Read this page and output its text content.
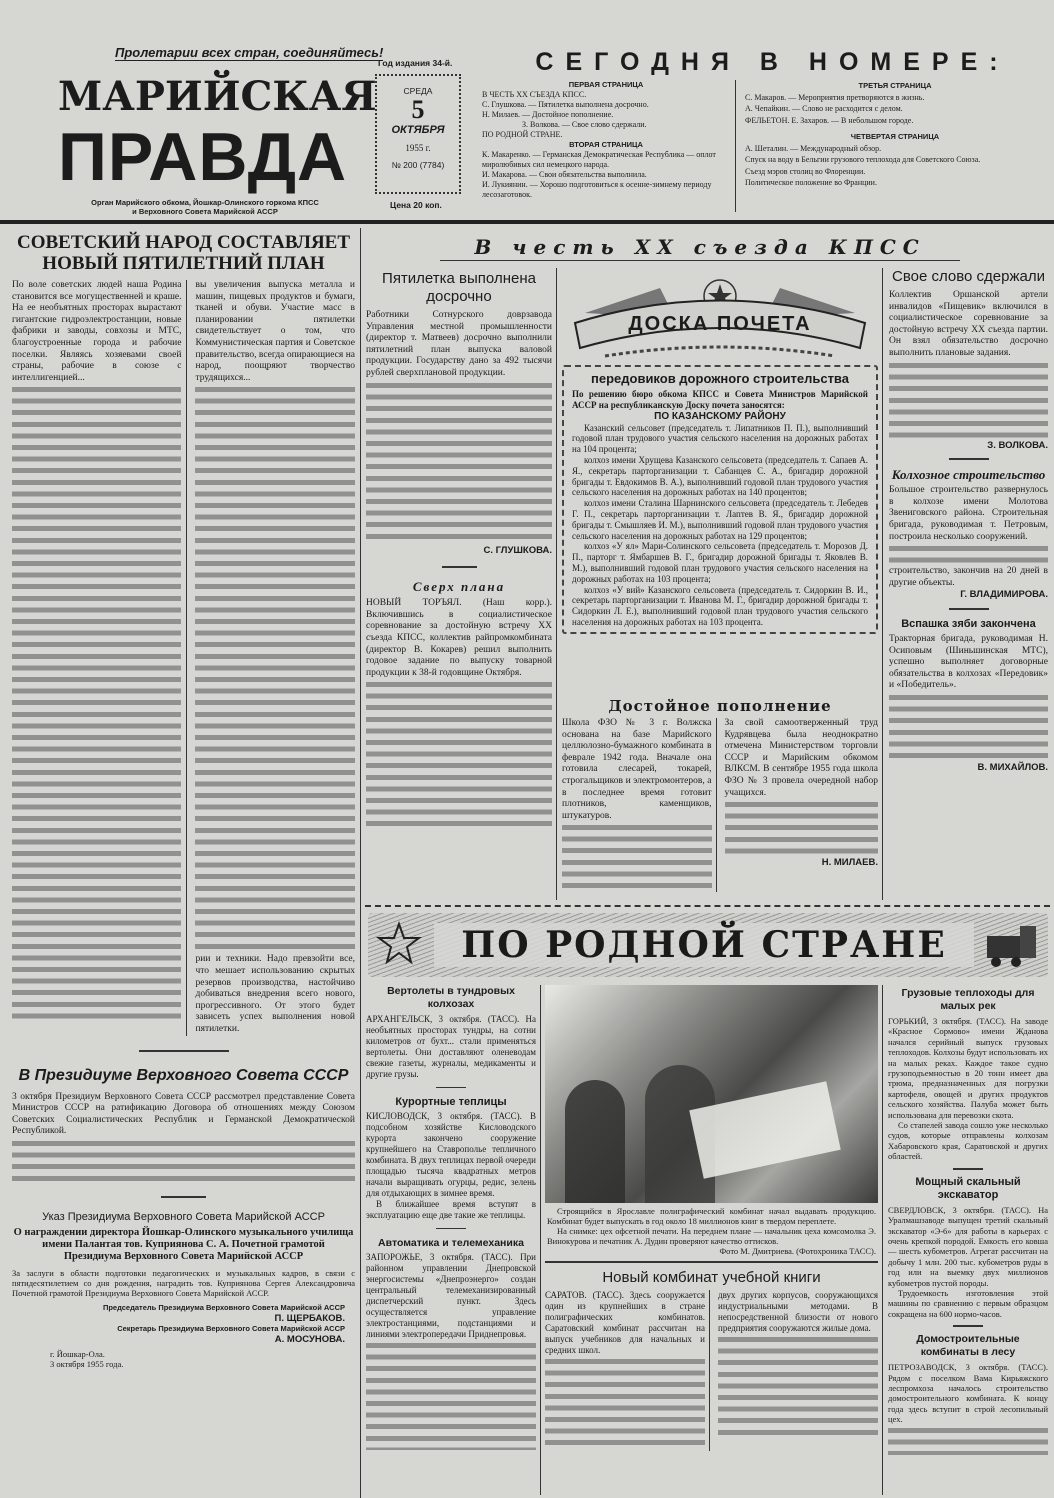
Пролетарии всех стран, соединяйтесь!
МАРИЙСКАЯ
ПРАВДА
Орган Марийского обкома, Йошкар-Олинского горкома КПСС
и Верховного Совета Марийской АССР
Год издания 34-й.
СРЕДА
5
ОКТЯБРЯ
1955 г.
№ 200 (7784)
Цена 20 коп.
СЕГОДНЯ В НОМЕРЕ:
ПЕРВАЯ СТРАНИЦА
В ЧЕСТЬ XX СЪЕЗДА КПСС.
С. Глушкова. — Пятилетка выполнена досрочно.
Н. Милаев. — Достойное пополнение.
З. Волкова. — Свое слово сдержали.
ПО РОДНОЙ СТРАНЕ.
ВТОРАЯ СТРАНИЦА
К. Макаренко. — Германская Демократическая Республика — оплот миролюбивых сил немецкого народа.
И. Макарова. — Свои обязательства выполнила.
И. Лукиянин. — Хорошо подготовиться к осенне-зимнему периоду лесозаготовок.
ТРЕТЬЯ СТРАНИЦА
С. Макаров. — Мероприятия претворяются в жизнь.
А. Чепайкин. — Слово не расходится с делом.
ФЕЛЬЕТОН. Е. Захаров. — В небольшом городе.
ЧЕТВЕРТАЯ СТРАНИЦА
А. Шеталин. — Международный обзор.
Спуск на воду в Бельгии грузового теплохода для Советского Союза.
Съезд мэров столиц во Флоренции.
Политическое положение во Франции.
СОВЕТСКИЙ НАРОД СОСТАВЛЯЕТ НОВЫЙ ПЯТИЛЕТНИЙ ПЛАН
По воле советских людей наша Родина становится все могущественней и краше. На ее необъятных просторах вырастают гигантские гидроэлектростанции, новые фабрики и заводы, совхозы и МТС, благоустроенные города и рабочие поселки. Являясь хозяевами своей страны, рабочие в союзе с интеллигенцией...
вы увеличения выпуска металла и машин, пищевых продуктов и бумаги, тканей и обуви. Участие масс в планировании пятилетки свидетельствует о том, что Коммунистическая партия и Советское правительство, всегда опирающиеся на народ, поощряют творчество трудящихся...
рии и техники. Надо превзойти все, что мешает использованию скрытых резервов производства, настойчиво добиваться внедрения всего нового, прогрессивного. От этого будет зависеть успех выполнения новой пятилетки.
В Президиуме Верховного Совета СССР
3 октября Президиум Верховного Совета СССР рассмотрел представление Совета Министров СССР на ратификацию Договора об отношениях между Союзом Советских Социалистических Республик и Германской Демократической Республикой.
Указ Президиума Верховного Совета Марийской АССР
О награждении директора Йошкар-Олинского музыкального училища имени Палантая тов. Куприянова С. А. Почетной грамотой Президиума Верховного Совета Марийской АССР
За заслуги в области подготовки педагогических и музыкальных кадров, в связи с пятидесятилетием со дня рождения, наградить тов. Куприянова Сергея Александровича Почетной грамотой Президиума Верховного Совета Марийской АССР.
Председатель Президиума Верховного Совета Марийской АССР
П. ЩЕРБАКОВ.
Секретарь Президиума Верховного Совета Марийской АССР
А. МОСУНОВА.
г. Йошкар-Ола.
3 октября 1955 года.
В честь XX съезда КПСС
Пятилетка выполнена досрочно
Работники Сотнурского доврзавода Управления местной промышленности (директор т. Матвеев) досрочно выполнили пятилетний план выпуска валовой продукции. Государству дано за 492 тысячи рублей сверхплановой продукции.
С. ГЛУШКОВА.
Сверх плана
НОВЫЙ ТОРЪЯЛ. (Наш корр.). Включившись в социалистическое соревнование за достойную встречу XX съезда КПСС, коллектив райпромкомбината (директор В. Кокарев) решил выполнить годовое задание по выпуску товарной продукции к 38-й годовщине Октября.
ДОСКА ПОЧЕТА
передовиков дорожного строительства
По решению бюро обкома КПСС и Совета Министров Марийской АССР на республиканскую Доску почета заносятся:
ПО КАЗАНСКОМУ РАЙОНУ
Казанский сельсовет (председатель т. Липатников П. П.), выполнивший годовой план трудового участия сельского населения на дорожных работах на 104 процента;
колхоз имени Хрущева Казанского сельсовета (председатель т. Сапаев А. Я., секретарь парторганизации т. Сабанцев С. А., бригадир дорожной бригады т. Евдокимов В. А.), выполнивший годовой план трудового участия сельского населения на дорожных работах на 140 процентов;
колхоз имени Сталина Шарнинского сельсовета (председатель т. Лебедев Г. П., секретарь парторганизации т. Лаптев В. Я., бригадир дорожной бригады т. Смышляев И. М.), выполнивший годовой план трудового участия сельского населения на дорожных работах на 129 процентов;
колхоз «У ял» Мари-Солинского сельсовета (председатель т. Морозов Д. П., парторг т. Ямбаршев В. Г., бригадир дорожной бригады т. Яковлев В. М.), выполнивший годовой план трудового участия сельского населения на дорожных работах на 103 процента;
колхоз «У вий» Казанского сельсовета (председатель т. Сидоркин В. И., секретарь парторганизации т. Иванова М. Г., бригадир дорожной бригады т. Сидоркин Л. Е.), выполнивший годовой план трудового участия сельского населения на дорожных работах на 103 процента.
Достойное пополнение
Школа ФЗО № 3 г. Волжска основана на базе Марийского целлюлозно-бумажного комбината в феврале 1942 года. Вначале она готовила слесарей, токарей, строгальщиков и электромонтеров, а в последнее время готовит плотников, каменщиков, штукатуров.
За свой самоотверженный труд Кудрявцева была неоднократно отмечена Министерством торговли СССР и Марийским обкомом ВЛКСМ. В сентябре 1955 года школа ФЗО № 3 провела очередной набор учащихся.
Н. МИЛАЕВ.
Свое слово сдержали
Коллектив Оршанской артели инвалидов «Пищевик» включился в социалистическое соревнование за достойную встречу XX съезда партии. Он взял обязательство досрочно выполнить плановые задания.
З. ВОЛКОВА.
Колхозное строительство
Большое строительство развернулось в колхозе имени Молотова Звениговского района. Строительная бригада, руководимая т. Петровым, построила несколько сооружений.
строительство, закончив на 20 дней в другие объекты.
Г. ВЛАДИМИРОВА.
Вспашка зяби закончена
Тракторная бригада, руководимая Н. Осиповым (Шиньшинская МТС), успешно выполняет договорные обязательства в колхозах «Передовик» и «Победитель».
В. МИХАЙЛОВ.
ПО РОДНОЙ СТРАНЕ
Вертолеты в тундровых колхозах
АРХАНГЕЛЬСК, 3 октября. (ТАСС). На необъятных просторах тундры, на сотни километров от бухт... стали применяться вертолеты. Они доставляют оленеводам свежие газеты, журналы, медикаменты и другие грузы.
Курортные теплицы
КИСЛОВОДСК, 3 октября. (ТАСС). В подсобном хозяйстве Кисловодского курорта закончено сооружение крупнейшего на Ставрополье тепличного комбината. В двух теплицах первой очереди площадью тысяча квадратных метров начали выращивать огурцы, редис, зелень для отдыхающих в зимнее время.
В ближайшее время вступят в эксплуатацию еще две такие же теплицы.
Автоматика и телемеханика
ЗАПОРОЖЬЕ, 3 октября. (ТАСС). При районном управлении Днепровской энергосистемы «Днепроэнерго» создан центральный телемеханизированный диспетчерский пункт. Здесь осуществляется управление электростанциями, подстанциями и линиями электропередачи Приднепровья.
Строящийся в Ярославле полиграфический комбинат начал выдавать продукцию. Комбинат будет выпускать в год около 18 миллионов книг в твердом переплете.
На снимке: цех офсетной печати. На переднем плане — начальник цеха комсомолка Э. Винокурова и печатник А. Дудин проверяют качество оттисков.
Фото М. Дмитриева. (Фотохроника ТАСС).
Новый комбинат учебной книги
САРАТОВ. (ТАСС). Здесь сооружается один из крупнейших в стране полиграфических комбинатов. Саратовский комбинат рассчитан на выпуск учебников для начальных и средних школ.
двух других корпусов, сооружающихся индустриальными методами. В непосредственной близости от нового предприятия сооружаются жилые дома.
Грузовые теплоходы для малых рек
ГОРЬКИЙ, 3 октября. (ТАСС). На заводе «Красное Сормово» имени Жданова начался серийный выпуск грузовых теплоходов. Колхозы будут использовать их на малых реках. Каждое такое судно грузоподъемностью в 20 тонн имеет два трюма, предназначенных для погрузки картофеля, овощей и других продуктов сельского хозяйства. Палуба может быть использована для перевозки скота.
Со стапелей завода сошло уже несколько судов, которые отправлены колхозам Хабаровского края, Саратовской и других областей.
Мощный скальный экскаватор
СВЕРДЛОВСК, 3 октября. (ТАСС). На Уралмашзаводе выпущен третий скальный экскаватор «Э-6» для работы в карьерах с очень крепкой породой. Емкость его ковша — шесть кубометров. Агрегат рассчитан на добычу 1 млн. 200 тыс. кубометров руды в год или на выемку двух миллионов кубометров пустой породы.
Трудоемкость изготовления этой машины по сравнению с первым образцом сокращена на 600 нормо-часов.
Домостроительные комбинаты в лесу
ПЕТРОЗАВОДСК, 3 октября. (ТАСС). Рядом с поселком Вама Кирьяжского леспромхоза началось строительство домостроительного комбината. К концу года здесь вступит в строй лесопильный цех.
